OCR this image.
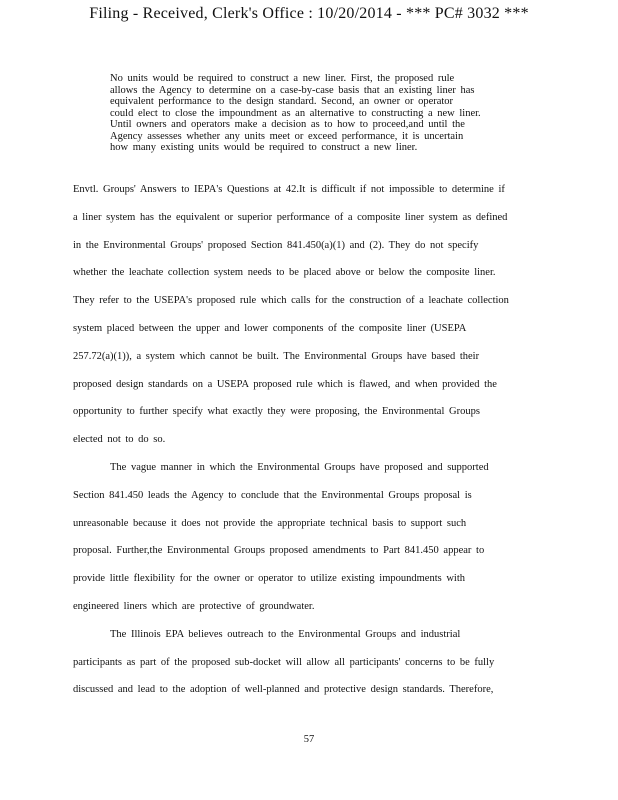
Filing - Received, Clerk's Office : 10/20/2014 - *** PC# 3032 ***
No units would be required to construct a new liner. First, the proposed rule
allows the Agency to determine on a case-by-case basis that an existing liner has
equivalent performance to the design standard. Second, an owner or operator
could elect to close the impoundment as an alternative to constructing a new liner.
Until owners and operators make a decision as to how to proceed,and until the
Agency assesses whether any units meet or exceed performance, it is uncertain
how many existing units would be required to construct a new liner.
Envtl. Groups' Answers to IEPA's Questions at 42.It is difficult if not impossible to determine if
a liner system has the equivalent or superior performance of a composite liner system as defined
in the Environmental Groups' proposed Section 841.450(a)(1) and (2). They do not specify
whether the leachate collection system needs to be placed above or below the composite liner.
They refer to the USEPA's proposed rule which calls for the construction of a leachate collection
system placed between the upper and lower components of the composite liner (USEPA
257.72(a)(1)), a system which cannot be built. The Environmental Groups have based their
proposed design standards on a USEPA proposed rule which is flawed, and when provided the
opportunity to further specify what exactly they were proposing, the Environmental Groups
elected not to do so.
The vague manner in which the Environmental Groups have proposed and supported
Section 841.450 leads the Agency to conclude that the Environmental Groups proposal is
unreasonable because it does not provide the appropriate technical basis to support such
proposal. Further,the Environmental Groups proposed amendments to Part 841.450 appear to
provide little flexibility for the owner or operator to utilize existing impoundments with
engineered liners which are protective of groundwater.
The Illinois EPA believes outreach to the Environmental Groups and industrial
participants as part of the proposed sub-docket will allow all participants' concerns to be fully
discussed and lead to the adoption of well-planned and protective design standards. Therefore,
57
